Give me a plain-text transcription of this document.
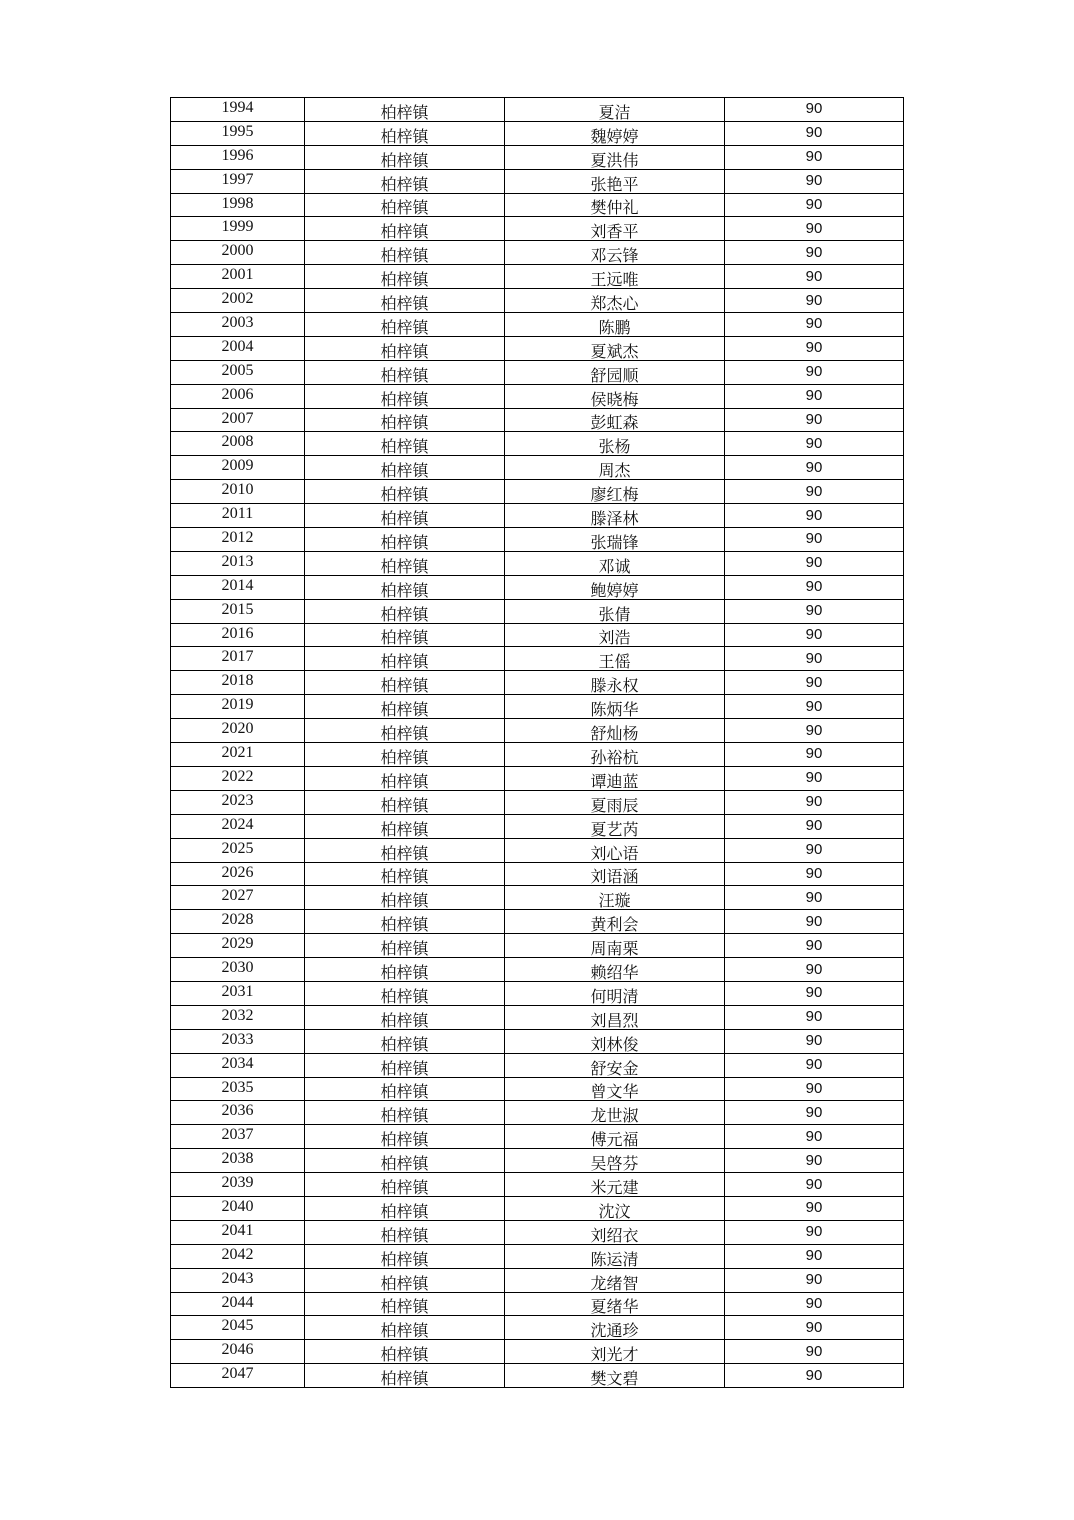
1994	柏梓镇	夏洁	90
1995	柏梓镇	魏婷婷	90
1996	柏梓镇	夏洪伟	90
1997	柏梓镇	张艳平	90
1998	柏梓镇	樊仲礼	90
1999	柏梓镇	刘香平	90
2000	柏梓镇	邓云锋	90
2001	柏梓镇	王远唯	90
2002	柏梓镇	郑杰心	90
2003	柏梓镇	陈鹏	90
2004	柏梓镇	夏斌杰	90
2005	柏梓镇	舒园顺	90
2006	柏梓镇	侯晓梅	90
2007	柏梓镇	彭虹森	90
2008	柏梓镇	张杨	90
2009	柏梓镇	周杰	90
2010	柏梓镇	廖红梅	90
2011	柏梓镇	滕泽林	90
2012	柏梓镇	张瑞锋	90
2013	柏梓镇	邓诚	90
2014	柏梓镇	鲍婷婷	90
2015	柏梓镇	张倩	90
2016	柏梓镇	刘浩	90
2017	柏梓镇	王傜	90
2018	柏梓镇	滕永权	90
2019	柏梓镇	陈炳华	90
2020	柏梓镇	舒灿杨	90
2021	柏梓镇	孙裕杭	90
2022	柏梓镇	谭迪蓝	90
2023	柏梓镇	夏雨辰	90
2024	柏梓镇	夏艺芮	90
2025	柏梓镇	刘心语	90
2026	柏梓镇	刘语涵	90
2027	柏梓镇	汪璇	90
2028	柏梓镇	黄利会	90
2029	柏梓镇	周南栗	90
2030	柏梓镇	赖绍华	90
2031	柏梓镇	何明清	90
2032	柏梓镇	刘昌烈	90
2033	柏梓镇	刘林俊	90
2034	柏梓镇	舒安金	90
2035	柏梓镇	曾文华	90
2036	柏梓镇	龙世淑	90
2037	柏梓镇	傅元福	90
2038	柏梓镇	吴啓芬	90
2039	柏梓镇	米元建	90
2040	柏梓镇	沈汶	90
2041	柏梓镇	刘绍衣	90
2042	柏梓镇	陈运清	90
2043	柏梓镇	龙绪智	90
2044	柏梓镇	夏绪华	90
2045	柏梓镇	沈通珍	90
2046	柏梓镇	刘光才	90
2047	柏梓镇	樊文碧	90
